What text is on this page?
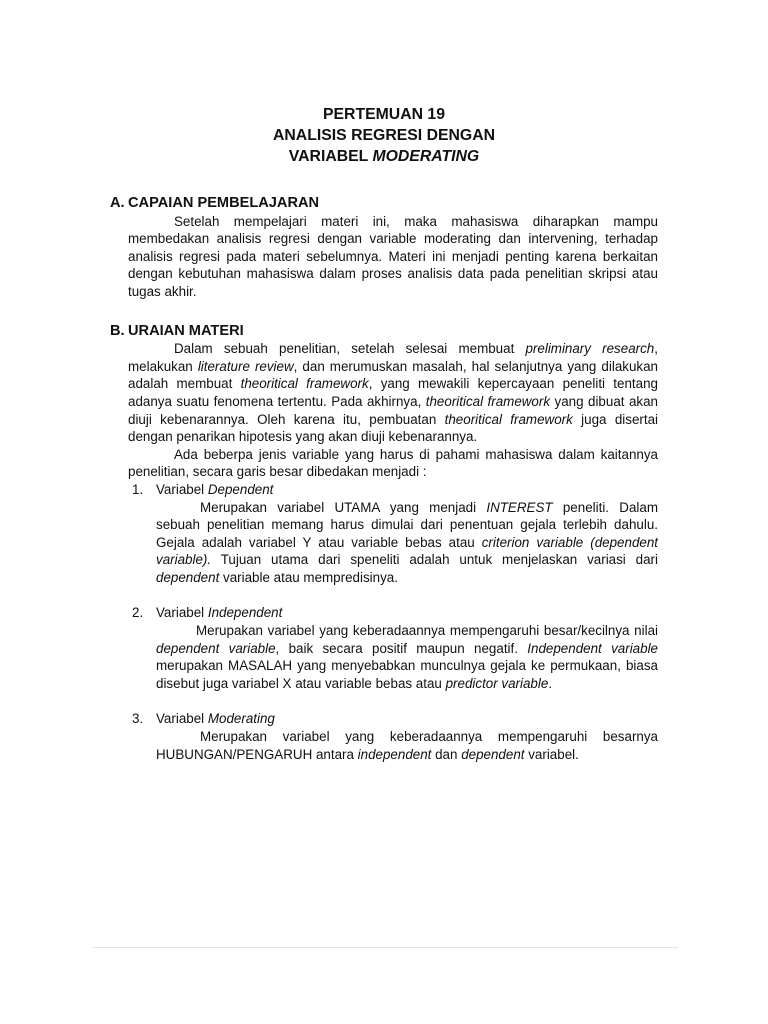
PERTEMUAN 19
ANALISIS REGRESI DENGAN
VARIABEL MODERATING
A. CAPAIAN PEMBELAJARAN

Setelah mempelajari materi ini, maka mahasiswa diharapkan mampu membedakan analisis regresi dengan variable moderating dan intervening, terhadap analisis regresi pada materi sebelumnya. Materi ini menjadi penting karena berkaitan dengan kebutuhan mahasiswa dalam proses analisis data pada penelitian skripsi atau tugas akhir.

B. URAIAN MATERI

Dalam sebuah penelitian, setelah selesai membuat preliminary research, melakukan literature review, dan merumuskan masalah, hal selanjutnya yang dilakukan adalah membuat theoritical framework, yang mewakili kepercayaan peneliti tentang adanya suatu fenomena tertentu. Pada akhirnya, theoritical framework yang dibuat akan diuji kebenarannya. Oleh karena itu, pembuatan theoritical framework juga disertai dengan penarikan hipotesis yang akan diuji kebenarannya.

Ada beberpa jenis variable yang harus di pahami mahasiswa dalam kaitannya penelitian, secara garis besar dibedakan menjadi :

1. Variabel Dependent

Merupakan variabel UTAMA yang menjadi INTEREST peneliti. Dalam sebuah penelitian memang harus dimulai dari penentuan gejala terlebih dahulu. Gejala adalah variabel Y atau variable bebas atau criterion variable (dependent variable). Tujuan utama dari speneliti adalah untuk menjelaskan variasi dari dependent variable atau mempredisinya.

2. Variabel Independent

Merupakan variabel yang keberadaannya mempengaruhi besar/kecilnya nilai dependent variable, baik secara positif maupun negatif. Independent variable merupakan MASALAH yang menyebabkan munculnya gejala ke permukaan, biasa disebut juga variabel X atau variable bebas atau predictor variable.

3. Variabel Moderating

Merupakan variabel yang keberadaannya mempengaruhi besarnya HUBUNGAN/PENGARUH antara independent dan dependent variabel.
